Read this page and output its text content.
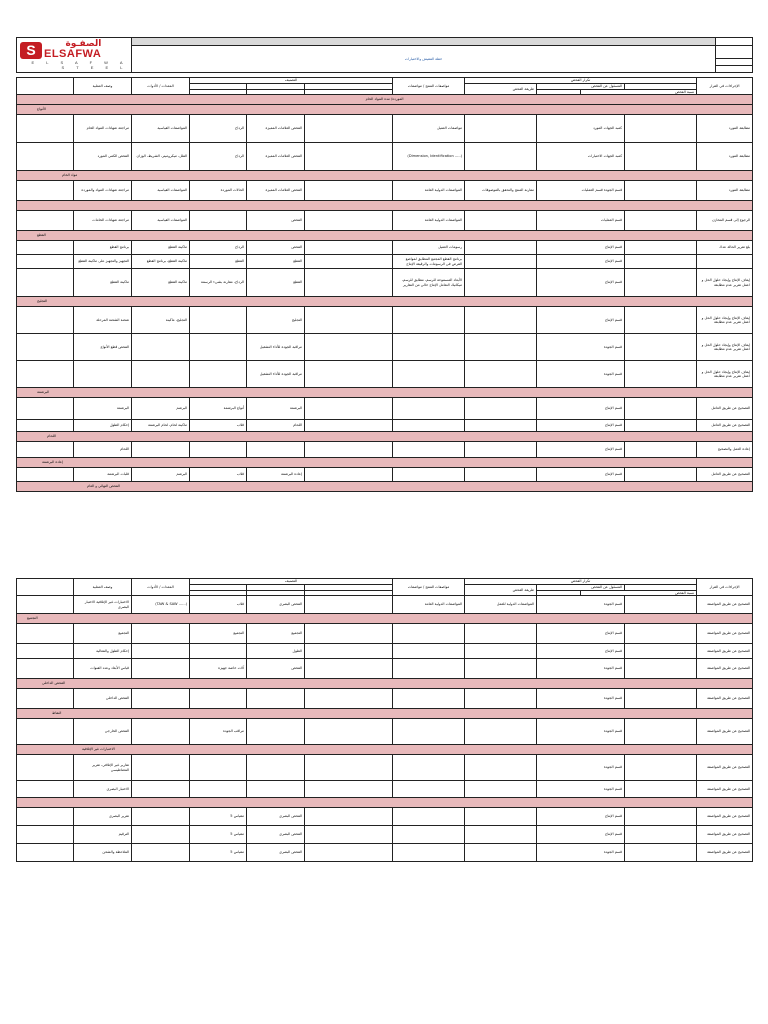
S الصفـوة
ELSAFWA
E L S A F W A S T E E L		

	خطة التفتيش والاختبارات	

	وصف العملية	المعدات / الأدوات	التصنيف			مواصفات المنتج / مواصفات	تكرار الفحص				الإجراءات في القرار
							طريقة الفحص	المسئول عن الفحص			
									نسبة الفحص		
الموردة/ مدة المواد الخام											
الأنواع											
	مراجعة شهادات المواد الخام	المواصفات القياسية	الرداخ	الفحص العلامات المميزة		مواصفات العميل		كمبد الجهات المورد			مطابقة المورد
	الفحص الكمي المورد	الفلل، ميكروميتر، الشريط، الوزان	الرداخ	الفحص العلامات المميزة		(Dimension, Identification .....)		كمبد الجهات الاختبارات			مطابقة المورد
مواد الخام											
	مراجعة شهادات المواد والموردة	المواصفات القياسية	الحالات الموردة	الفحص العلامات المميزة		المواصفات الدولية العامة	مقارنة المنتج والتحقق بالموصوفات	قسم الجودة قسم العمليات			مطابقة المورد

	مراجعة شهادات الخامات	المواصفات القياسية		الفحص		المواصفات الدولية العامة		قسم العمليات			الرجوع إلى قسم المخازن
القطع											
	برنامج القطع	ماكينة القطع	الرداخ	الفحص		رسومات العميل		قسم الإنتاج			بلغ تقرير الحالة عدك
	التجهيز والتجهيز على ماكينة القطع	ماكينة القطع، برنامج القطع	القطع	القطع		برنامج القطع المجمع المطابق لمواضع القرص في الرسومات والرقيقة الإنتاج		قسم الإنتاج			
	ماكينة القطع	ماكينة القطع	الرداخ، مقارنة بشيء الرسمة	القطع		الأبعاد المسموحة للرسم، مطابق للرسم، ميكانيك التعامل الإنتاج خالي من التقارير		قسم الإنتاج			إيقاف الإنتاج وإيجاد حلول الحل و اعمل تقرير عدم مطابقة
التجليخ											
	شحنة الشحنة المرحلة	التجليخ، ماكينة		التجليخ				قسم الإنتاج			إيقاف الإنتاج وإيجاد حلول الحل و اعمل تقرير عدم مطابقة
	الفحص قطع الأنواع			مراقبة الجودة للأداء التشغيل				قسم الجودة			إيقاف الإنتاج وإيجاد حلول الحل و اعمل تقرير عدم مطابقة
				مراقبة الجودة للأداء التشغيل				قسم الجودة			إيقاف الإنتاج وإيجاد حلول الحل و اعمل تقرير عدم مطابقة
البرشمة											
	البرشمة	البرشم	أنواع البرشمة	البرشمة				قسم الإنتاج			التصحيح عن طريق العامل
	إحكام الطول	ماكينة لحام، لحام البرشمة	قلاب	اللحام				قسم الإنتاج			التصحيح عن طريق العامل
اللحام											
	اللحام							قسم الإنتاج			إعادة العمل والتصحيح
إعادة البرشمة											
	قلبات البرشمة	البرشم	قلاب	إعادة البرشمة				قسم الإنتاج			التصحيح عن طريق العامل
الفحص النهائي و العام											
	وصف العملية	المعدات / الأدوات	التصنيف			مواصفات المنتج / مواصفات	تكرار الفحص				الإجراءات في القرار
							طريقة الفحص	المسئول عن الفحص			
									نسبة الفحص		
	الاختبارات غير الإتلافية الاختبار البصري	(TAW & SAW ......)	قلاب	الفحص البصري		المواصفات الدولية العامة	المواصفات الدولية للعمل	قسم الجودة			التصحيح عن طريق المواصفة
التجميع											
	التجميع		التجميع	التجميع				قسم الإنتاج			التصحيح عن طريق المواصفة
	إحكام الطول والفعالية			الطول				قسم الإنتاج			التصحيح عن طريق المواصفة
	قياس الأبعاد وعدد القنوات		آلات خاصة جهيزة	الفحص				قسم الجودة			التصحيح عن طريق المواصفة
الفحص الداخلي											
	الفحص الداخلي							قسم الجودة			التصحيح عن طريق المواصفة
النقاط											
	الفحص الخارجي		مراقب الجودة					قسم الجودة			التصحيح عن طريق المواصفة
الاختبارات غير الإتلافية											
	تقارير غير الإتلافي، تقرير المغناطيسي							قسم الجودة			التصحيح عن طريق المواصفة
	الاختبار البصري							قسم الجودة			التصحيح عن طريق المواصفة

	تقرير البصري		مقياس 5	الفحص البصري				قسم الإنتاج			التصحيح عن طريق المواصفة
	الترقيم		مقياس 5	الفحص البصري				قسم الإنتاج			التصحيح عن طريق المواصفة
	الملاحظة والشحن		مقياس 5	الفحص البصري				قسم الجودة			التصحيح عن طريق المواصفة
